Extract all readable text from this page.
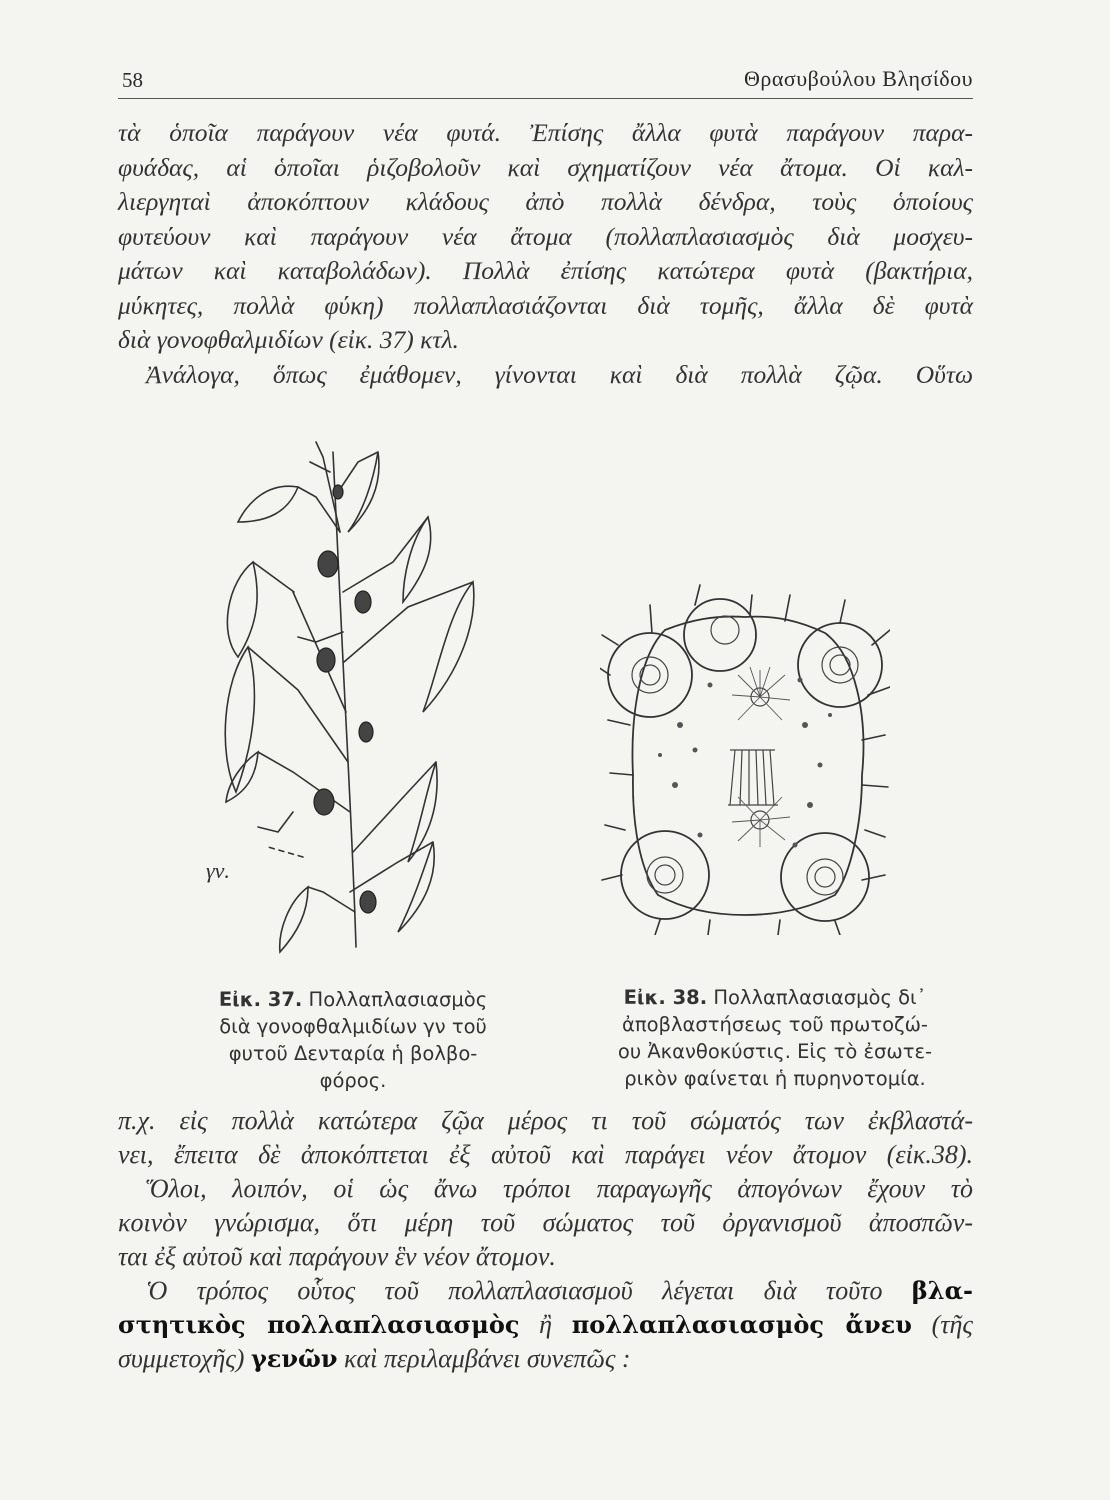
58	Θρασυβούλου Βλησίδου
τὰ ὁποῖα παράγουν νέα φυτά. Ἐπίσης ἄλλα φυτὰ παράγουν παρα-
φυάδας, αἱ ὁποῖαι ῥιζοβολοῦν καὶ σχηματίζουν νέα ἄτομα. Οἱ καλ-
λιεργηταὶ ἀποκόπτουν κλάδους ἀπὸ πολλὰ δένδρα, τοὺς ὁποίους
φυτεύουν καὶ παράγουν νέα ἄτομα (πολλαπλασιασμὸς διὰ μοσχευ-
μάτων καὶ καταβολάδων). Πολλὰ ἐπίσης κατώτερα φυτὰ (βακτήρια,
μύκητες, πολλὰ φύκη) πολλαπλασιάζονται διὰ τομῆς, ἄλλα δὲ φυτὰ
διὰ γονοφθαλμιδίων (εἰκ. 37) κτλ.
Ἀνάλογα, ὅπως ἐμάθομεν, γίνονται καὶ διὰ πολλὰ ζῷα. Οὕτω
γν.
Εἰκ. 37. Πολλαπλασιασμὸς
διὰ γονοφθαλμιδίων γν τοῦ
φυτοῦ Δενταρία ἡ βολβο-
φόρος.
Εἰκ. 38. Πολλαπλασιασμὸς δι᾽
ἀποβλαστήσεως τοῦ πρωτοζώ-
ου Ἀκανθοκύστις. Εἰς τὸ ἐσωτε-
ρικὸν φαίνεται ἡ πυρηνοτομία.
π.χ. εἰς πολλὰ κατώτερα ζῷα μέρος τι τοῦ σώματός των ἐκβλαστά-
νει, ἔπειτα δὲ ἀποκόπτεται ἐξ αὐτοῦ καὶ παράγει νέον ἄτομον (εἰκ.38).
Ὅλοι, λοιπόν, οἱ ὡς ἄνω τρόποι παραγωγῆς ἀπογόνων ἔχουν τὸ
κοινὸν γνώρισμα, ὅτι μέρη τοῦ σώματος τοῦ ὀργανισμοῦ ἀποσπῶν-
ται ἐξ αὐτοῦ καὶ παράγουν ἓν νέον ἄτομον.
Ὁ τρόπος οὗτος τοῦ πολλαπλασιασμοῦ λέγεται διὰ τοῦτο βλα-
στητικὸς πολλαπλασιασμὸς ἢ πολλαπλασιασμὸς ἄνευ (τῆς
συμμετοχῆς) γενῶν καὶ περιλαμβάνει συνεπῶς :
